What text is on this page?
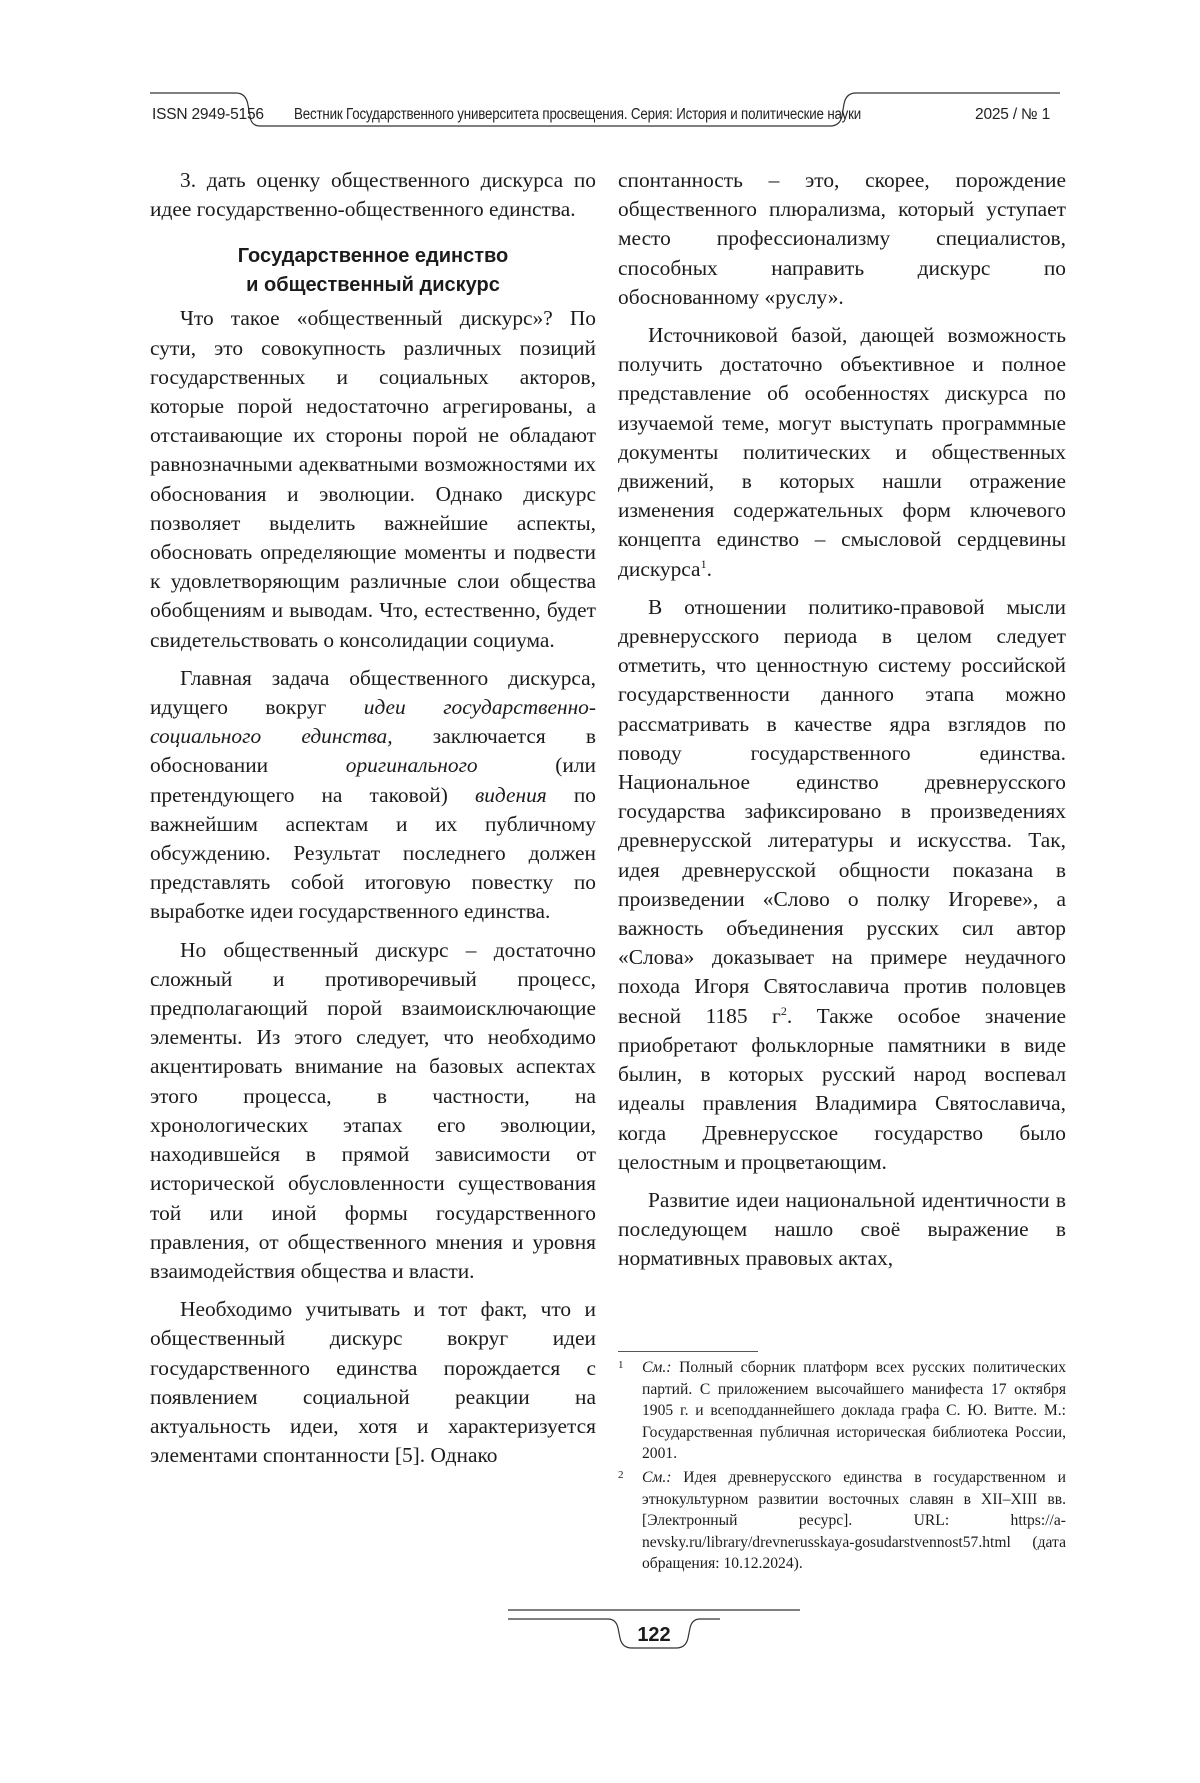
ISSN 2949-5156 Вестник Государственного университета просвещения. Серия: История и политические науки	2025 / № 1

3. дать оценку общественного дискурса по идее государственно-общественного единства.

Государственное единство
и общественный дискурс

Что такое «общественный дискурс»? По сути, это совокупность различных позиций государственных и социальных акторов, которые порой недостаточно агрегированы, а отстаивающие их стороны порой не обладают равнозначными адекватными возможностями их обоснования и эволюции. Однако дискурс позволяет выделить важнейшие аспекты, обосновать определяющие моменты и подвести к удовлетворяющим различные слои общества обобщениям и выводам. Что, естественно, будет свидетельствовать о консолидации социума.

Главная задача общественного дискурса, идущего вокруг идеи государственно-социального единства, заключается в обосновании оригинального (или претендующего на таковой) видения по важнейшим аспектам и их публичному обсуждению. Результат последнего должен представлять собой итоговую повестку по выработке идеи государственного единства.

Но общественный дискурс – достаточно сложный и противоречивый процесс, предполагающий порой взаимоисключающие элементы. Из этого следует, что необходимо акцентировать внимание на базовых аспектах этого процесса, в частности, на хронологических этапах его эволюции, находившейся в прямой зависимости от исторической обусловленности существования той или иной формы государственного правления, от общественного мнения и уровня взаимодействия общества и власти.

Необходимо учитывать и тот факт, что и общественный дискурс вокруг идеи государственного единства порождается с появлением социальной реакции на актуальность идеи, хотя и характеризуется элементами спонтанности [5]. Однако

спонтанность – это, скорее, порождение общественного плюрализма, который уступает место профессионализму специалистов, способных направить дискурс по обоснованному «руслу».

Источниковой базой, дающей возможность получить достаточно объективное и полное представление об особенностях дискурса по изучаемой теме, могут выступать программные документы политических и общественных движений, в которых нашли отражение изменения содержательных форм ключевого концепта единство – смысловой сердцевины дискурса$^1$.

В отношении политико-правовой мысли древнерусского периода в целом следует отметить, что ценностную систему российской государственности данного этапа можно рассматривать в качестве ядра взглядов по поводу государственного единства. Национальное единство древнерусского государства зафиксировано в произведениях древнерусской литературы и искусства. Так, идея древнерусской общности показана в произведении «Слово о полку Игореве», а важность объединения русских сил автор «Слова» доказывает на примере неудачного похода Игоря Святославича против половцев весной 1185 $г^2$. Также особое значение приобретают фольклорные памятники в виде былин, в которых русский народ воспевал идеалы правления Владимира Святославича, когда Древнерусское государство было целостным и процветающим.

Развитие идеи национальной идентичности в последующем нашло своё выражение в нормативных правовых актах,

1 См.: Полный сборник платформ всех русских политических партий. С приложением высочайшего манифеста 17 октября 1905 г. и всеподданнейшего доклада графа С. Ю. Витте. М.: Государственная публичная историческая библиотека России, 2001.
2 См.: Идея древнерусского единства в государственном и этнокультурном развитии восточных славян в XII–XIII вв. [Электронный ресурс]. URL: https://a-nevsky.ru/library/drevnerusskaya-gosudarstvennost57.html (дата обращения: 10.12.2024).
122
